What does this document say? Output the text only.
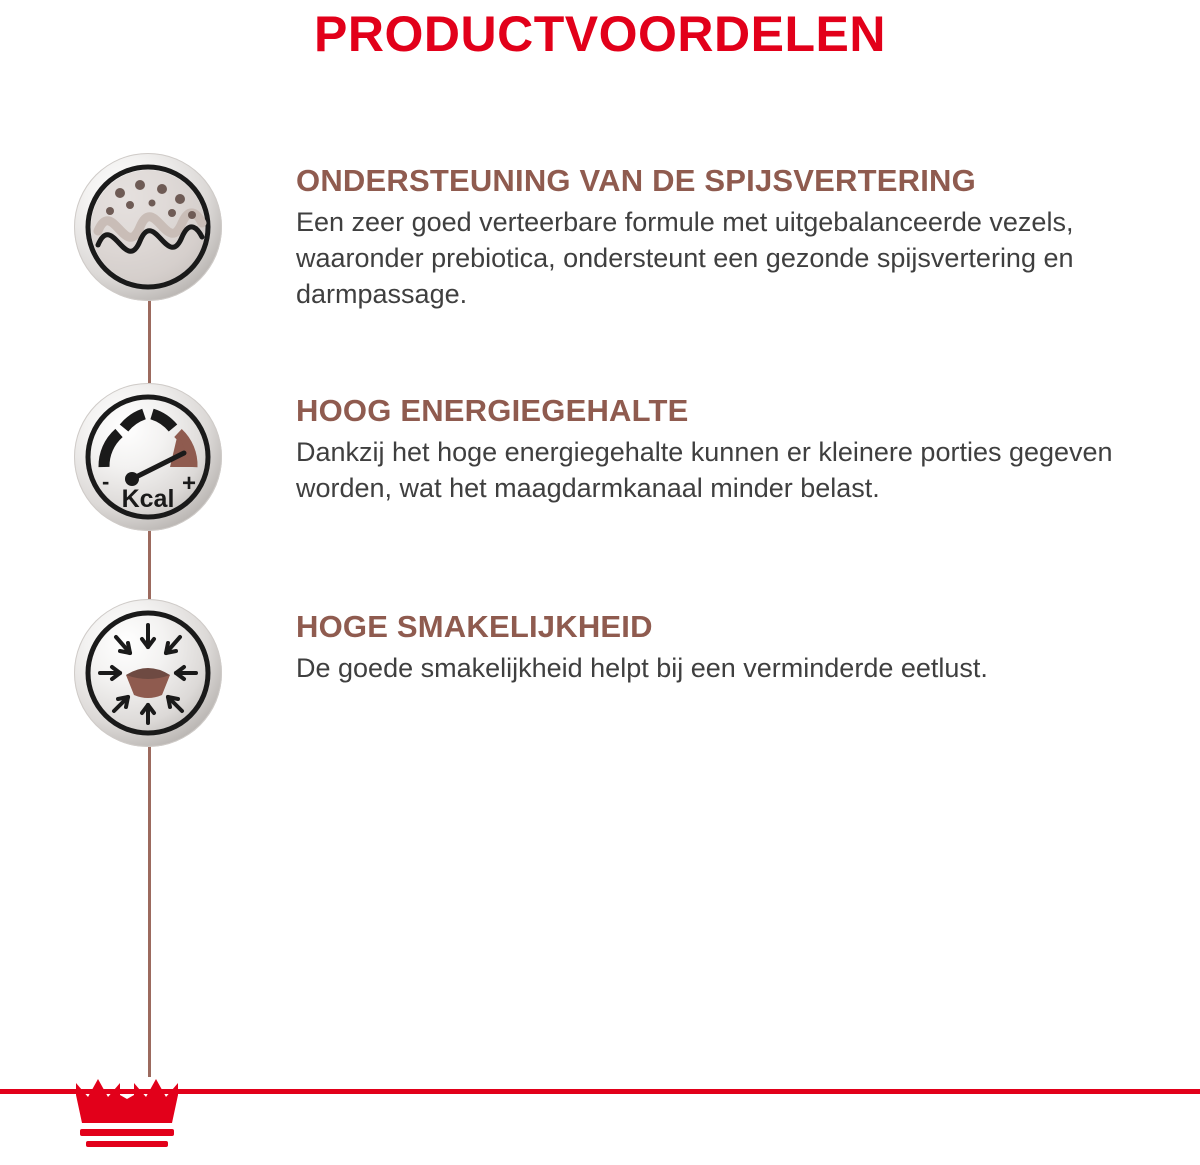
PRODUCTVOORDELEN
ONDERSTEUNING VAN DE SPIJSVERTERING

Een zeer goed verteerbare formule met uitgebalanceerde vezels, waaronder prebiotica, ondersteunt een gezonde spijsvertering en darmpassage.

-	+
Kcal
HOOG ENERGIEGEHALTE

Dankzij het hoge energiegehalte kunnen er kleinere porties gegeven worden, wat het maagdarmkanaal minder belast.

HOGE SMAKELIJKHEID

De goede smakelijkheid helpt bij een verminderde eetlust.
